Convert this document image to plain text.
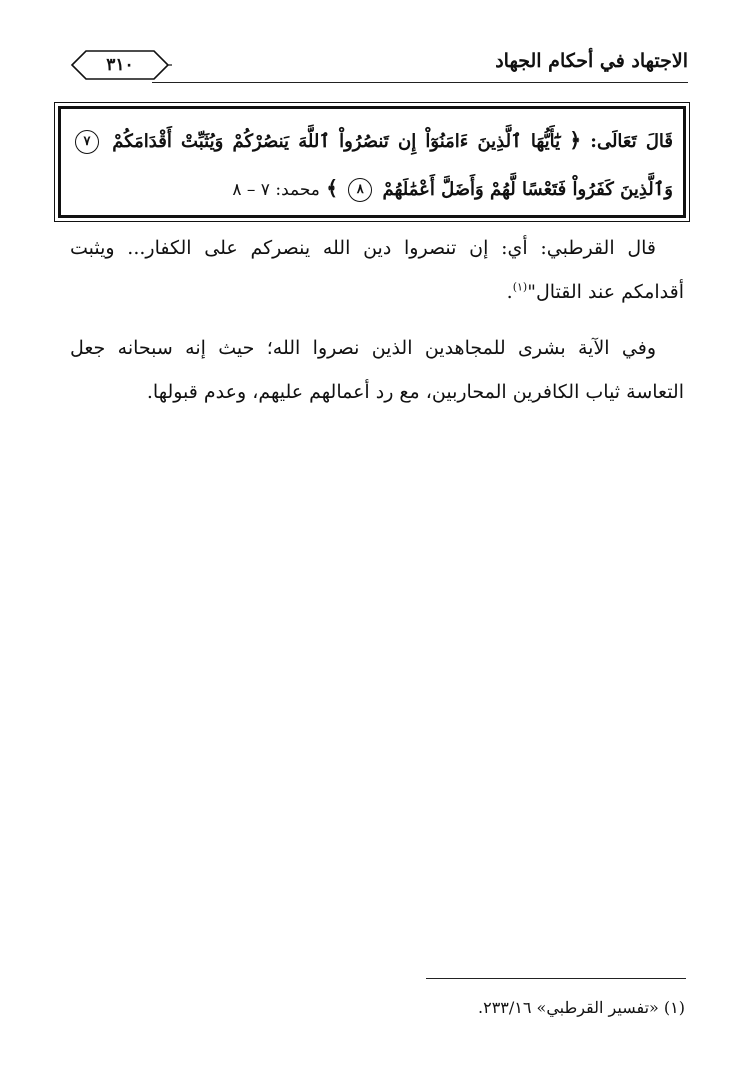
٣١٠	الاجتهاد في أحكام الجهاد
قَالَ تَعَالَى: ﴿ يَٰٓأَيُّهَا ٱلَّذِينَ ءَامَنُوٓاْ إِن تَنصُرُواْ ٱللَّهَ يَنصُرْكُمْ وَيُثَبِّتْ أَقْدَامَكُمْ ٧ وَٱلَّذِينَ كَفَرُواْ فَتَعْسًا لَّهُمْ وَأَضَلَّ أَعْمَٰلَهُمْ ٨ ﴾ محمد: ٧ – ٨

قال القرطبي: أي: إن تنصروا دين الله ينصركم على الكفار... ويثبت أقدامكم عند القتال"$^{(١)}$.

وفي الآية بشرى للمجاهدين الذين نصروا الله؛ حيث إنه سبحانه جعل التعاسة ثياب الكافرين المحاربين، مع رد أعمالهم عليهم، وعدم قبولها.

(١) «تفسير القرطبي» ٢٣٣/١٦.
